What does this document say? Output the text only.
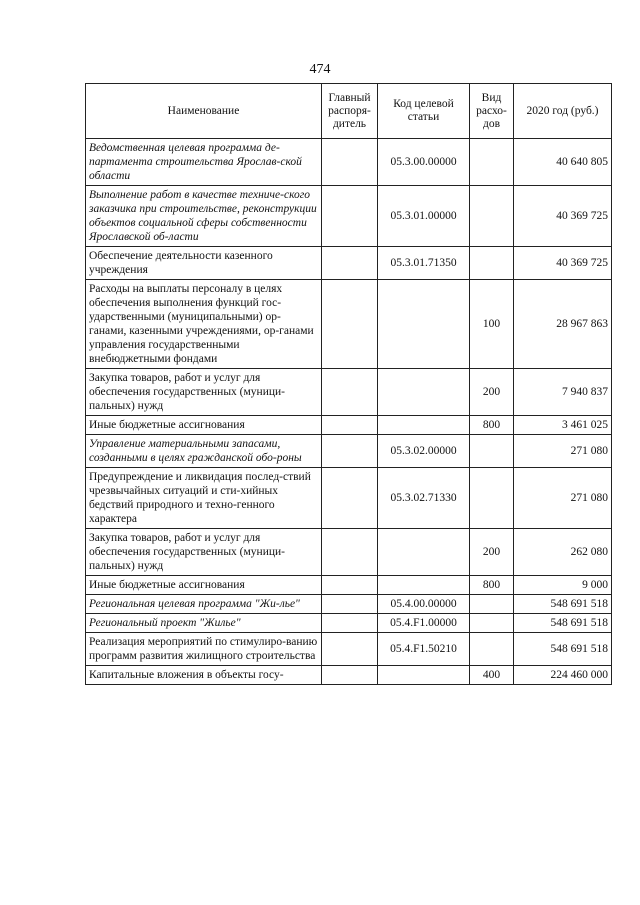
474
Наименование	Главный распоря-дитель	Код целевой статьи	Вид расхо-дов	2020 год (руб.)
Ведомственная целевая программа де-партамента строительства Ярослав-ской области		05.3.00.00000		40 640 805
Выполнение работ в качестве техниче-ского заказчика при строительстве, реконструкции объектов социальной сферы собственности Ярославской об-ласти		05.3.01.00000		40 369 725
Обеспечение деятельности казенного учреждения		05.3.01.71350		40 369 725
Расходы на выплаты персоналу в целях обеспечения выполнения функций гос-ударственными (муниципальными) ор-ганами, казенными учреждениями, ор-ганами управления государственными внебюджетными фондами			100	28 967 863
Закупка товаров, работ и услуг для обеспечения государственных (муници-пальных) нужд			200	7 940 837
Иные бюджетные ассигнования			800	3 461 025
Управление материальными запасами, созданными в целях гражданской обо-роны		05.3.02.00000		271 080
Предупреждение и ликвидация послед-ствий чрезвычайных ситуаций и сти-хийных бедствий природного и техно-генного характера		05.3.02.71330		271 080
Закупка товаров, работ и услуг для обеспечения государственных (муници-пальных) нужд			200	262 080
Иные бюджетные ассигнования			800	9 000
Региональная целевая программа "Жи-лье"		05.4.00.00000		548 691 518
Региональный проект "Жилье"		05.4.F1.00000		548 691 518
Реализация мероприятий по стимулиро-ванию программ развития жилищного строительства		05.4.F1.50210		548 691 518
Капитальные вложения в объекты госу-			400	224 460 000
